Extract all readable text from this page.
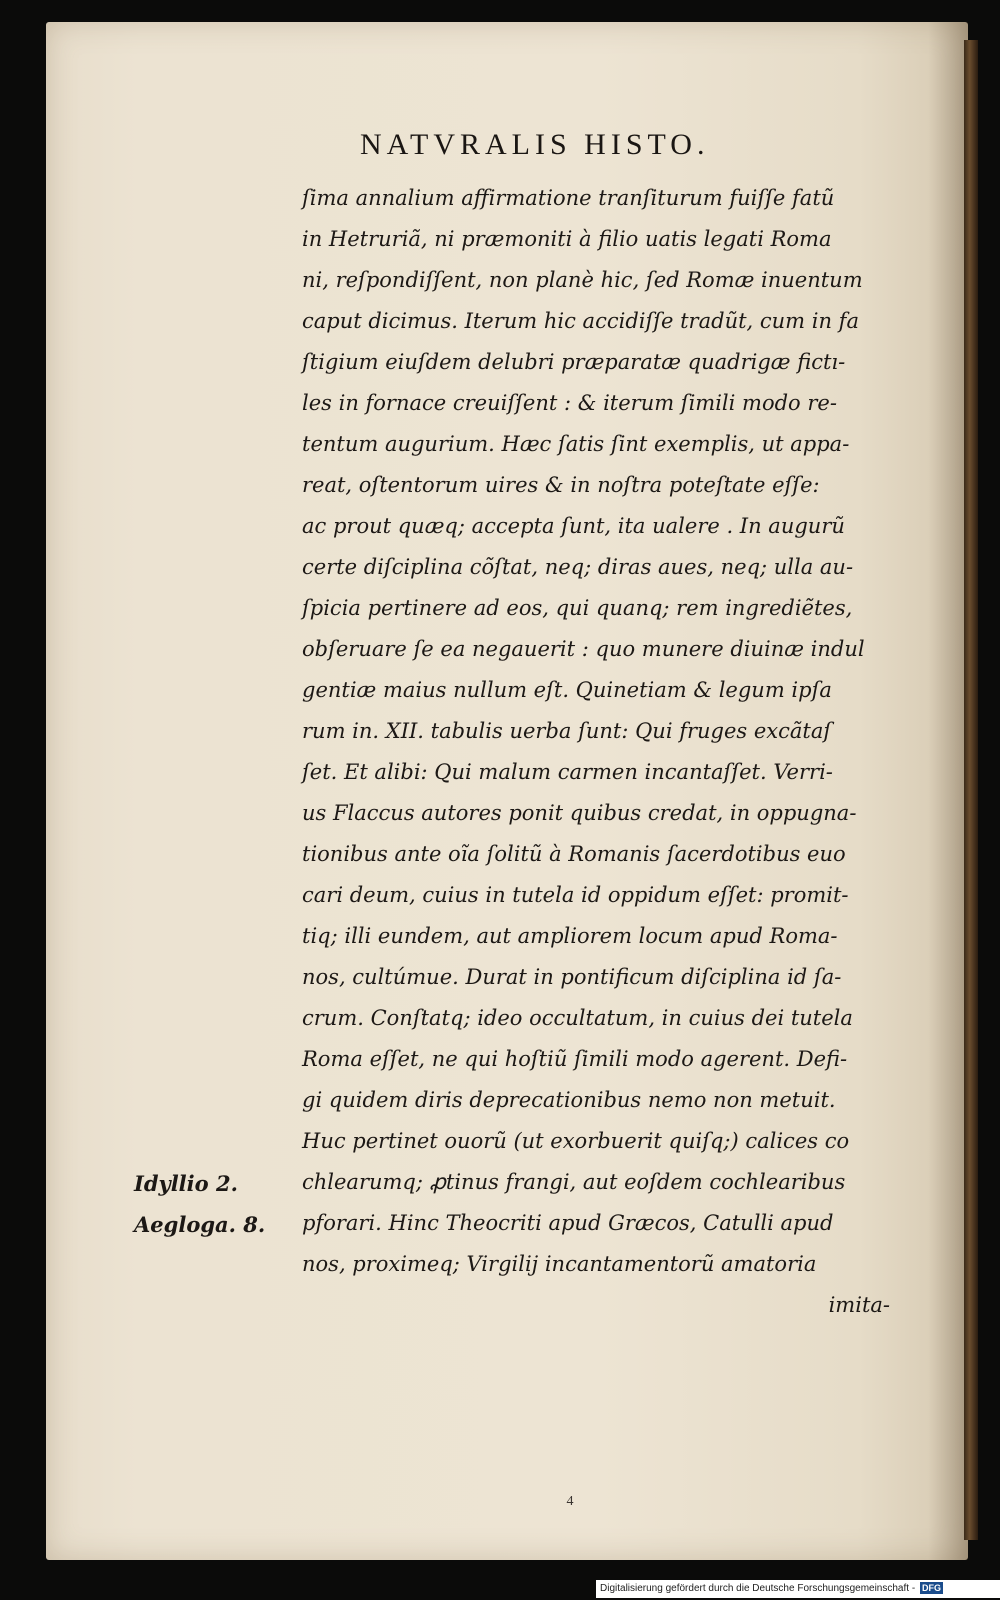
NATVRALIS HISTO.
ſima annalium affirmatione tranſiturum fuiſſe fatũ
in Hetruriã, ni præmoniti à filio uatis legati Roma
ni, reſpondiſſent, non planè hic, ſed Romæ inuentum
caput dicimus. Iterum hic accidiſſe tradũt, cum in fa
ſtigium eiuſdem delubri præparatæ quadrigæ fictı-
les in fornace creuiſſent : & iterum ſimili modo re-
tentum augurium. Hæc ſatis ſint exemplis, ut appa-
reat, oſtentorum uires & in noſtra poteſtate eſſe:
ac prout quæq; accepta ſunt, ita ualere . In augurũ
certe diſciplina cõſtat, neq; diras aues, neq; ulla au-
ſpicia pertinere ad eos, qui quanq; rem ingrediẽtes,
obſeruare ſe ea negauerit : quo munere diuinæ indul
gentiæ maius nullum eſt. Quinetiam & legum ipſa
rum in. XII. tabulis uerba ſunt: Qui fruges excãtaſ
ſet. Et alibi: Qui malum carmen incantaſſet. Verri-
us Flaccus autores ponit quibus credat, in oppugna-
tionibus ante oĩa ſolitũ à Romanis ſacerdotibus euo
cari deum, cuius in tutela id oppidum eſſet: promit-
tiq; illi eundem, aut ampliorem locum apud Roma-
nos, cultúmue. Durat in pontificum diſciplina id ſa-
crum. Conſtatq; ideo occultatum, in cuius dei tutela
Roma eſſet, ne qui hoſtiũ ſimili modo agerent. Defi-
gi quidem diris deprecationibus nemo non metuit.
Huc pertinet ouorũ (ut exorbuerit quiſq;) calices co
chlearumq; ꝓtinus frangi, aut eoſdem cochlearibus
pforari. Hinc Theocriti apud Græcos, Catulli apud
nos, proximeq; Virgilij incantamentorũ amatoria
imita-
Idyllio 2.
Aegloga. 8.
4
Digitalisierung gefördert durch die Deutsche Forschungsgemeinschaft - DFG
